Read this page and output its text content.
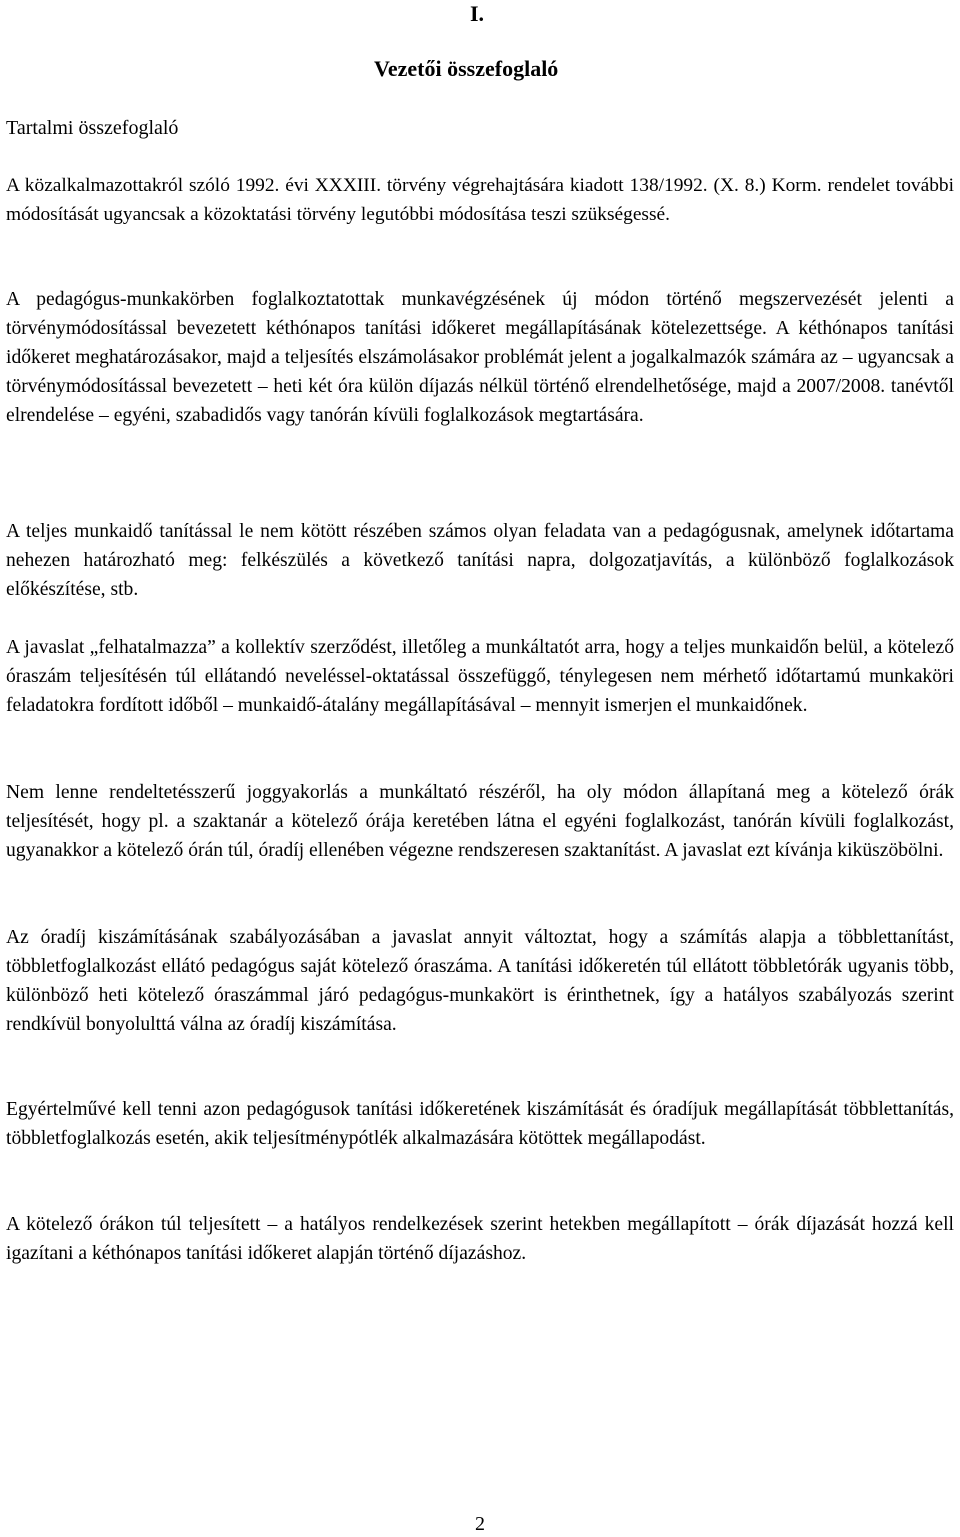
I.
Vezetői összefoglaló
Tartalmi összefoglaló

A közalkalmazottakról szóló 1992. évi XXXIII. törvény végrehajtására kiadott 138/1992. (X. 8.) Korm. rendelet további módosítását ugyancsak a közoktatási törvény legutóbbi módosítása teszi szükségessé.

A pedagógus-munkakörben foglalkoztatottak munkavégzésének új módon történő megszervezését jelenti a törvénymódosítással bevezetett kéthónapos tanítási időkeret megállapításának kötelezettsége. A kéthónapos tanítási időkeret meghatározásakor, majd a teljesítés elszámolásakor problémát jelent a jogalkalmazók számára az – ugyancsak a törvénymódosítással bevezetett – heti két óra külön díjazás nélkül történő elrendelhetősége, majd a 2007/2008. tanévtől elrendelése – egyéni, szabadidős vagy tanórán kívüli foglalkozások megtartására.

A teljes munkaidő tanítással le nem kötött részében számos olyan feladata van a pedagógusnak, amelynek időtartama nehezen határozható meg: felkészülés a következő tanítási napra, dolgozatjavítás, a különböző foglalkozások előkészítése, stb.

A javaslat „felhatalmazza” a kollektív szerződést, illetőleg a munkáltatót arra, hogy a teljes munkaidőn belül, a kötelező óraszám teljesítésén túl ellátandó neveléssel-oktatással összefüggő, ténylegesen nem mérhető időtartamú munkaköri feladatokra fordított időből – munkaidő-átalány megállapításával – mennyit ismerjen el munkaidőnek.

Nem lenne rendeltetésszerű joggyakorlás a munkáltató részéről, ha oly módon állapítaná meg a kötelező órák teljesítését, hogy pl. a szaktanár a kötelező órája keretében látna el egyéni foglalkozást, tanórán kívüli foglalkozást, ugyanakkor a kötelező órán túl, óradíj ellenében végezne rendszeresen szaktanítást. A javaslat ezt kívánja kiküszöbölni.

Az óradíj kiszámításának szabályozásában a javaslat annyit változtat, hogy a számítás alapja a többlettanítást, többletfoglalkozást ellátó pedagógus saját kötelező óraszáma. A tanítási időkeretén túl ellátott többletórák ugyanis több, különböző heti kötelező óraszámmal járó pedagógus-munkakört is érinthetnek, így a hatályos szabályozás szerint rendkívül bonyolulttá válna az óradíj kiszámítása.

Egyértelművé kell tenni azon pedagógusok tanítási időkeretének kiszámítását és óradíjuk megállapítását többlettanítás, többletfoglalkozás esetén, akik teljesítménypótlék alkalmazására kötöttek megállapodást.

A kötelező órákon túl teljesített – a hatályos rendelkezések szerint hetekben megállapított – órák díjazását hozzá kell igazítani a kéthónapos tanítási időkeret alapján történő díjazáshoz.

2
